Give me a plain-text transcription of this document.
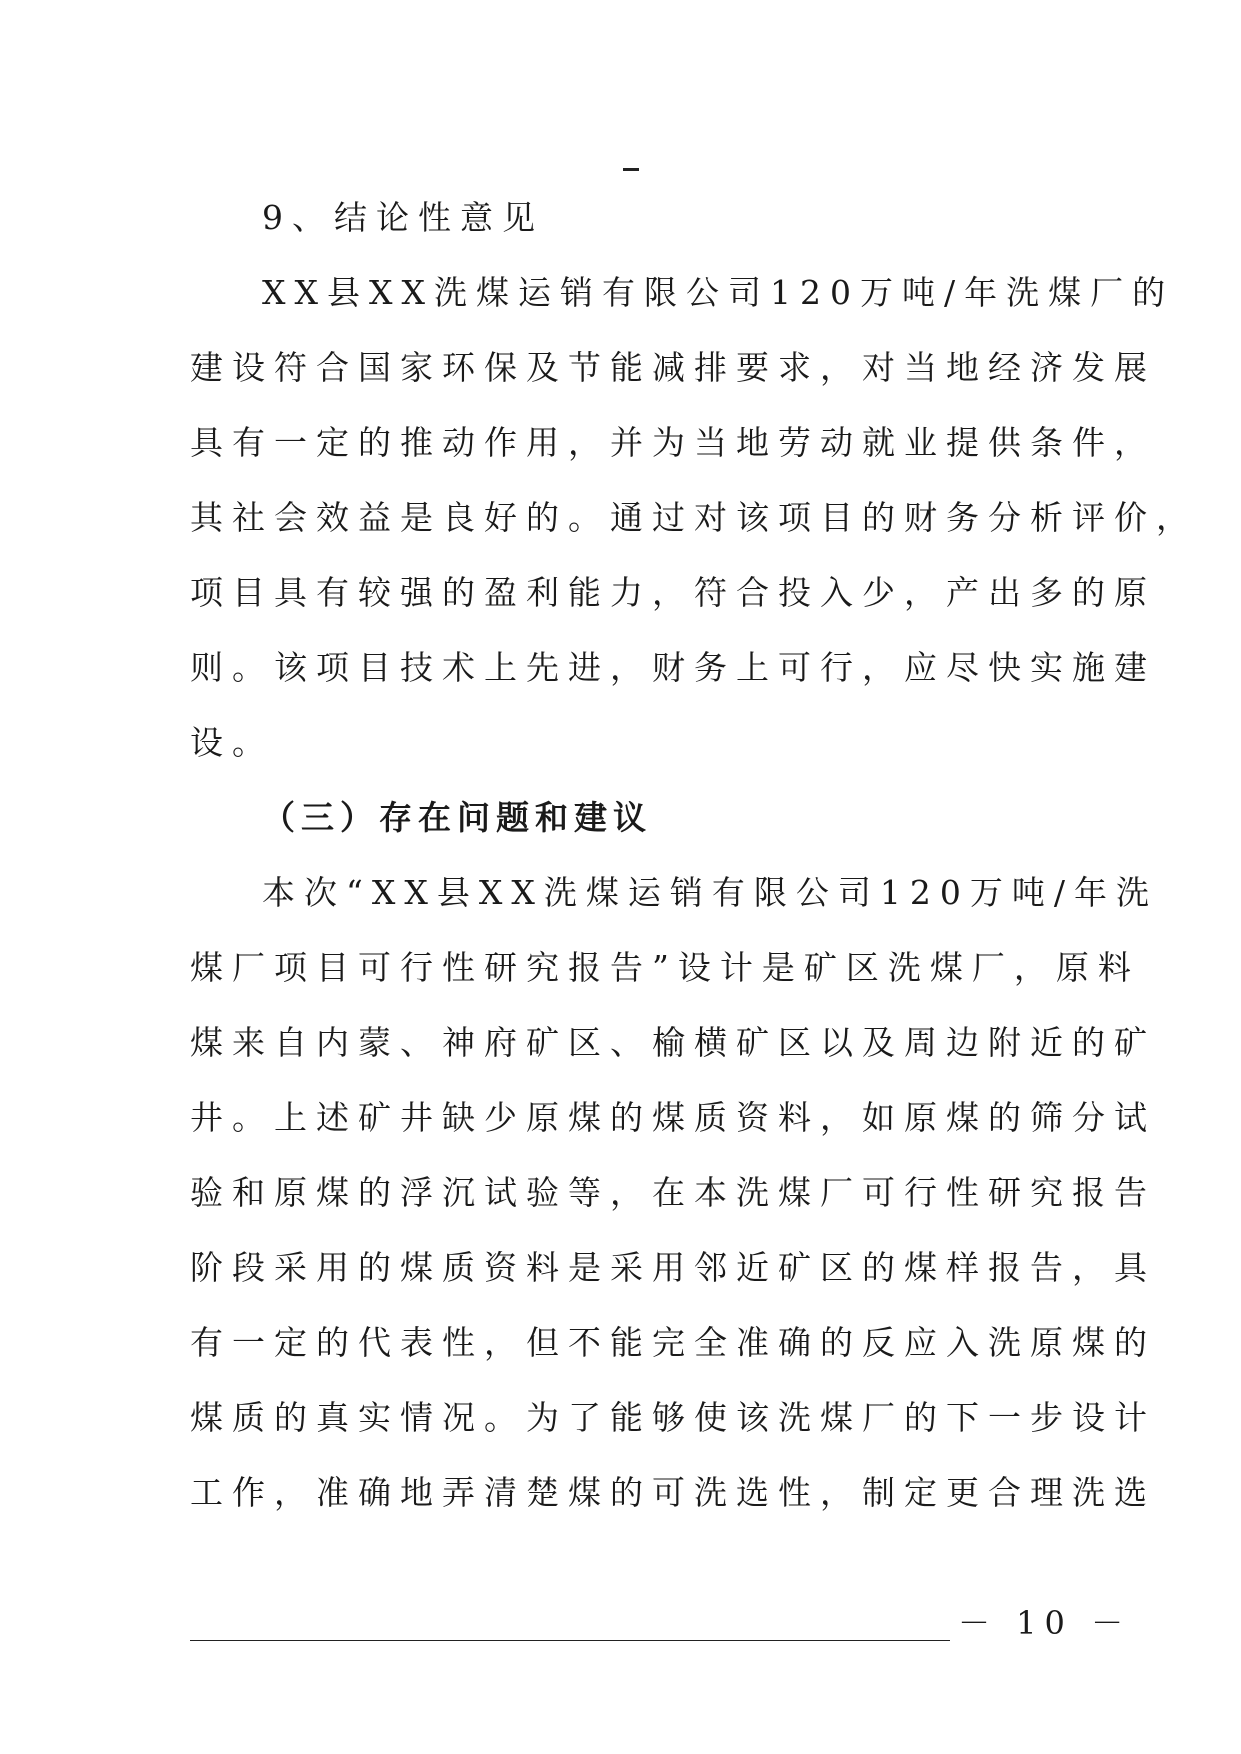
9、结论性意见
XX县XX洗煤运销有限公司120万吨/年洗煤厂的
建设符合国家环保及节能减排要求，对当地经济发展
具有一定的推动作用，并为当地劳动就业提供条件，
其社会效益是良好的。通过对该项目的财务分析评价，
项目具有较强的盈利能力，符合投入少，产出多的原
则。该项目技术上先进，财务上可行，应尽快实施建
设。
（三）存在问题和建议
本次“XX县XX洗煤运销有限公司120万吨/年洗
煤厂项目可行性研究报告”设计是矿区洗煤厂，原料
煤来自内蒙、神府矿区、榆横矿区以及周边附近的矿
井。上述矿井缺少原煤的煤质资料，如原煤的筛分试
验和原煤的浮沉试验等，在本洗煤厂可行性研究报告
阶段采用的煤质资料是采用邻近矿区的煤样报告，具
有一定的代表性，但不能完全准确的反应入洗原煤的
煤质的真实情况。为了能够使该洗煤厂的下一步设计
工作，准确地弄清楚煤的可洗选性，制定更合理洗选
－ 10 －
